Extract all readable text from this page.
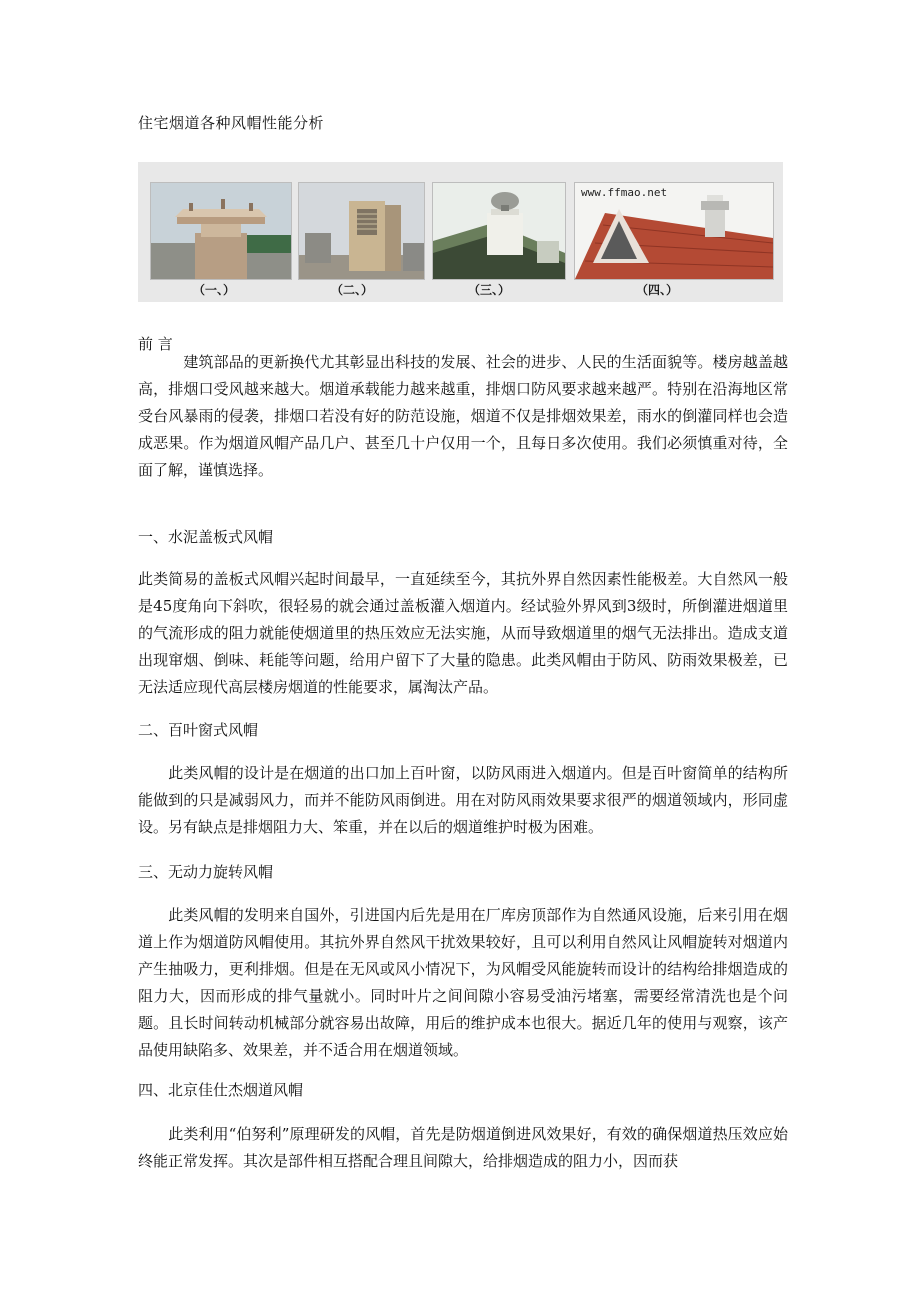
住宅烟道各种风帽性能分析
（一、）	（二、）	（三、）
www.ffmao.net
（四、）
前 言

　　　建筑部品的更新换代尤其彰显出科技的发展、社会的进步、人民的生活面貌等。楼房越盖越高，排烟口受风越来越大。烟道承载能力越来越重，排烟口防风要求越来越严。特别在沿海地区常受台风暴雨的侵袭，排烟口若没有好的防范设施，烟道不仅是排烟效果差，雨水的倒灌同样也会造成恶果。作为烟道风帽产品几户、甚至几十户仅用一个，且每日多次使用。我们必须慎重对待，全面了解，谨慎选择。

一、水泥盖板式风帽

此类简易的盖板式风帽兴起时间最早，一直延续至今，其抗外界自然因素性能极差。大自然风一般是45度角向下斜吹，很轻易的就会通过盖板灌入烟道内。经试验外界风到3级时，所倒灌进烟道里的气流形成的阻力就能使烟道里的热压效应无法实施，从而导致烟道里的烟气无法排出。造成支道出现窜烟、倒味、耗能等问题，给用户留下了大量的隐患。此类风帽由于防风、防雨效果极差，已无法适应现代高层楼房烟道的性能要求，属淘汰产品。

二、百叶窗式风帽

　　此类风帽的设计是在烟道的出口加上百叶窗，以防风雨进入烟道内。但是百叶窗简单的结构所能做到的只是减弱风力，而并不能防风雨倒进。用在对防风雨效果要求很严的烟道领域内，形同虚设。另有缺点是排烟阻力大、笨重，并在以后的烟道维护时极为困难。

三、无动力旋转风帽

　　此类风帽的发明来自国外，引进国内后先是用在厂库房顶部作为自然通风设施，后来引用在烟道上作为烟道防风帽使用。其抗外界自然风干扰效果较好，且可以利用自然风让风帽旋转对烟道内产生抽吸力，更利排烟。但是在无风或风小情况下，为风帽受风能旋转而设计的结构给排烟造成的阻力大，因而形成的排气量就小。同时叶片之间间隙小容易受油污堵塞，需要经常清洗也是个问题。且长时间转动机械部分就容易出故障，用后的维护成本也很大。据近几年的使用与观察，该产品使用缺陷多、效果差，并不适合用在烟道领域。

四、北京佳仕杰烟道风帽

　　此类利用“伯努利”原理研发的风帽，首先是防烟道倒进风效果好，有效的确保烟道热压效应始终能正常发挥。其次是部件相互搭配合理且间隙大，给排烟造成的阻力小，因而获
